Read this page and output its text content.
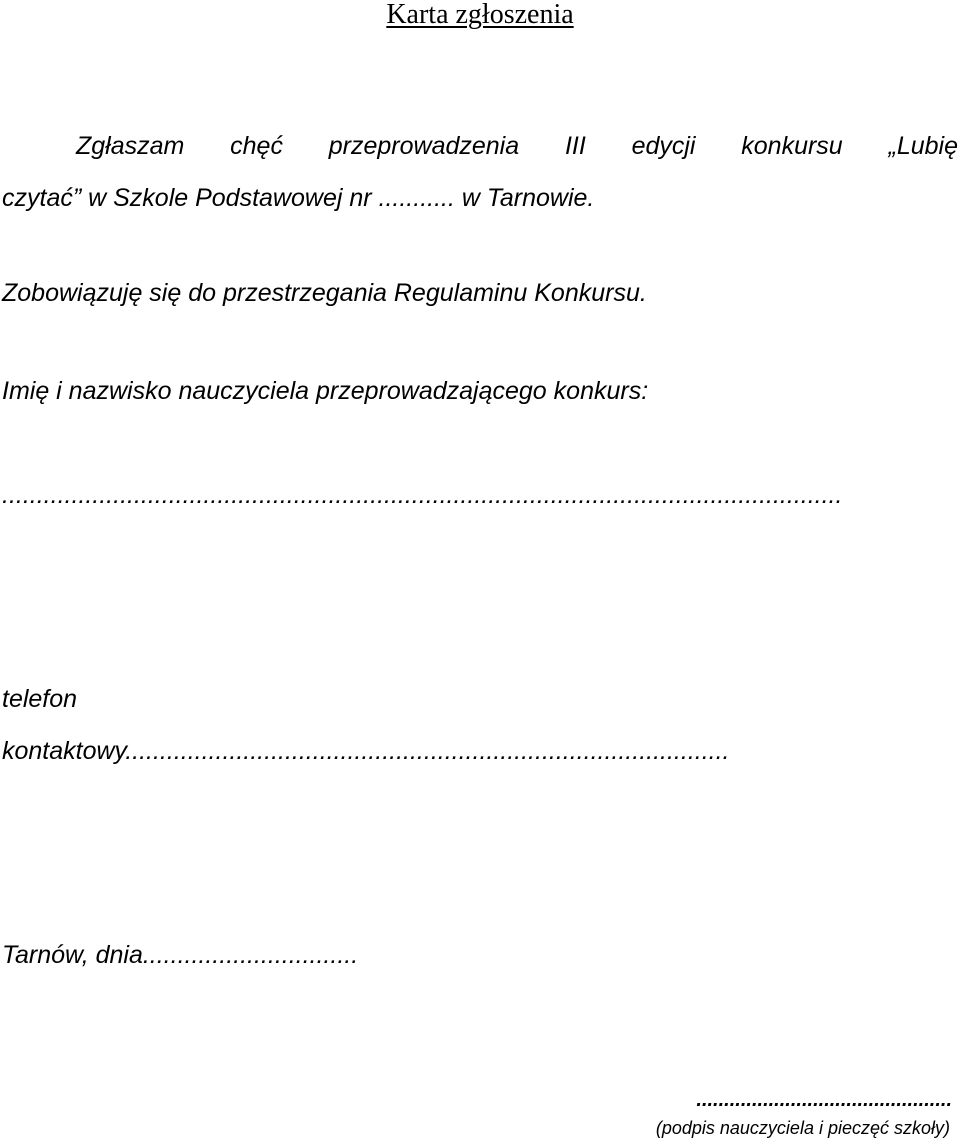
Karta zgłoszenia
Zgłaszam chęć przeprowadzenia III edycji konkursu „Lubię
czytać” w Szkole Podstawowej nr ........... w Tarnowie.
Zobowiązuję się do przestrzegania Regulaminu Konkursu.
Imię i nazwisko nauczyciela przeprowadzającego konkurs:
.........................................................................................................................
telefon
kontaktowy.......................................................................................
Tarnów, dnia...............................
..............................................
(podpis nauczyciela i pieczęć szkoły)
